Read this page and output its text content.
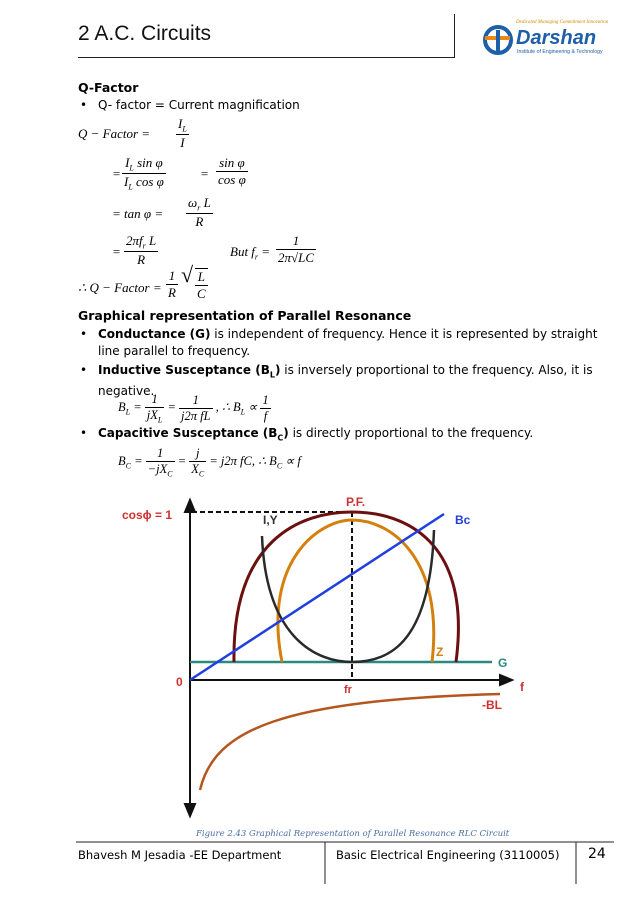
2 A.C. Circuits	Dedicated Managing Commitment Innovation
Darshan
Institute of Engineering & Technology
Q-Factor
• Q- factor = Current magnification
Q − Factor = $\frac{I_L}{I}$
= $\frac{I_L \sin \varphi}{I_L \cos \varphi}$	= $\frac{\text{sin φ}}{\text{cos φ}}$
= $\tan \varphi = \frac{\omega_r L}{R}$
= $\frac{2\pi f_r L}{R}$	But $f_r = \frac{1}{2\pi√LC}$
∴ Q − Factor = $\frac{1}{R}$ √ $\frac{L}{C}$
Graphical representation of Parallel Resonance
• Conductance (G) is independent of frequency. Hence it is represented by straight line parallel to frequency.
• Inductive Susceptance $(B_L)$ is inversely proportional to the frequency. Also, it is negative.
$B_L = \frac{1}{jX_L} = \frac{1}{\text{j2π fL}}$ , ∴ $B_L \propto \frac{1}{f}$
• Capacitive Susceptance $(B_C)$ is directly proportional to the frequency.
$B_C = \frac{1}{-jX_C} = \frac{j}{X_C} = j2\pi$ fC, ∴ $B_C \propto f$
cosϕ = 1
P.F.
I,Y	Bc
Z
G
0
fr	f
-BL
Figure 2.43 Graphical Representation of Parallel Resonance RLC Circuit
Bhavesh M Jesadia -EE Department	Basic Electrical Engineering (3110005) 24
